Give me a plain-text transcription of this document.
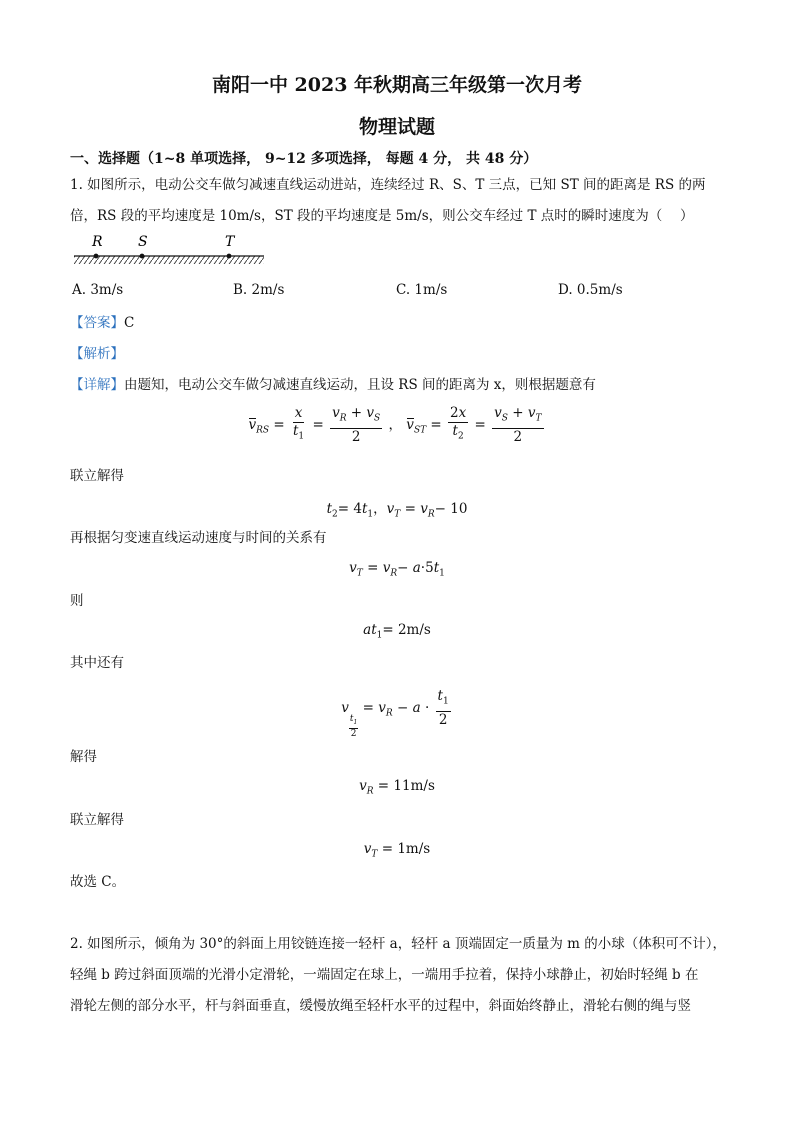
南阳一中 2023 年秋期高三年级第一次月考
物理试题
一、选择题（1~8 单项选择， 9~12 多项选择， 每题 4 分， 共 48 分）
1. 如图所示，电动公交车做匀减速直线运动进站，连续经过 R、S、T 三点，已知 ST 间的距离是 RS 的两
倍，RS 段的平均速度是 10m/s，ST 段的平均速度是 5m/s，则公交车经过 T 点时的瞬时速度为（　 ）
R	S	T
A. 3m/s	B. 2m/s	C. 1m/s	D. 0.5m/s
【答案】C
【解析】
【详解】由题知，电动公交车做匀减速直线运动，且设 RS 间的距离为 x，则根据题意有
$v_{RS} = \frac{x}{t_1} = \frac{v_R + v_S}{2}$ ， $v_{ST} = \frac{2x}{t_2} = \frac{v_S + v_T}{2}$
联立解得
$t_2= 4t_1$，$v_T = v_R- 10$
再根据匀变速直线运动速度与时间的关系有
$v_T = v_R- a\cdot 5t_1$
则
$at_1= 2m/s$
其中还有
v
$\frac{t_1}{2}$
= $v_R - a \cdot \frac{t_1}{2}$
解得
$v_R = 11m/s$
联立解得
$v_T = 1m/s$
故选 C。
2. 如图所示，倾角为 30°的斜面上用铰链连接一轻杆 a，轻杆 a 顶端固定一质量为 m 的小球（体积可不计），
轻绳 b 跨过斜面顶端的光滑小定滑轮，一端固定在球上，一端用手拉着，保持小球静止，初始时轻绳 b 在
滑轮左侧的部分水平，杆与斜面垂直，缓慢放绳至轻杆水平的过程中，斜面始终静止，滑轮右侧的绳与竖
